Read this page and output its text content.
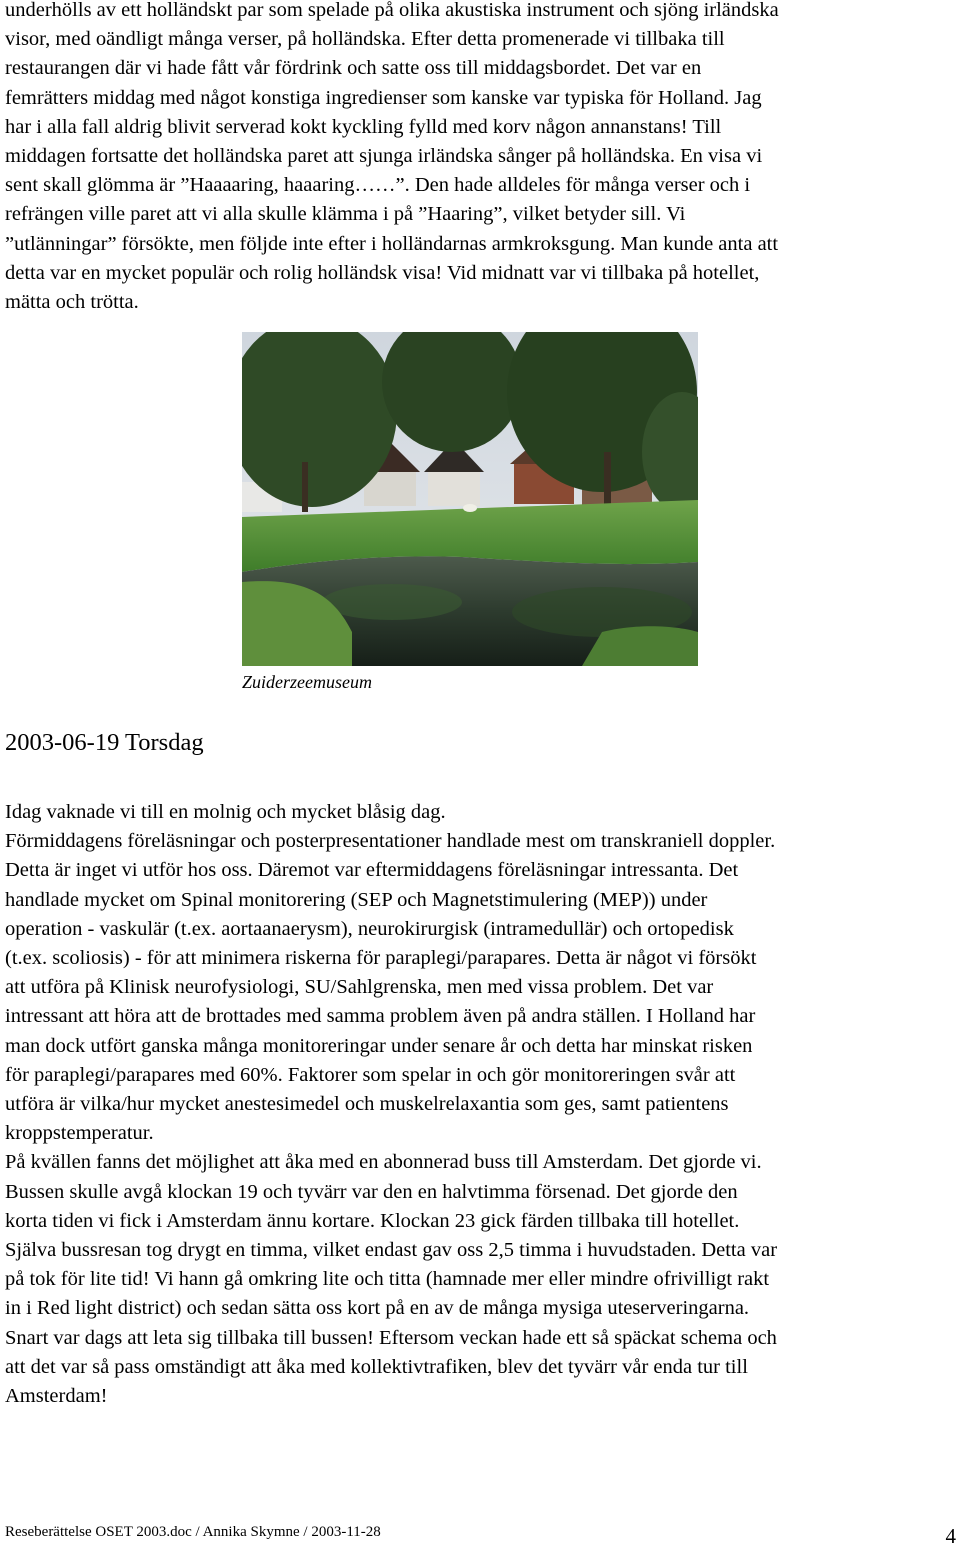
underhölls av ett holländskt par som spelade på olika akustiska instrument och sjöng irländska
visor, med oändligt många verser, på holländska. Efter detta promenerade vi tillbaka till
restaurangen där vi hade fått vår fördrink och satte oss till middagsbordet. Det var en
femrätters middag med något konstiga ingredienser som kanske var typiska för Holland. Jag
har i alla fall aldrig blivit serverad kokt kyckling fylld med korv någon annanstans! Till
middagen fortsatte det holländska paret att sjunga irländska sånger på holländska. En visa vi
sent skall glömma är ”Haaaaring, haaaring……”. Den hade alldeles för många verser och i
refrängen ville paret att vi alla skulle klämma i på ”Haaring”, vilket betyder sill. Vi
”utlänningar” försökte, men följde inte efter i holländarnas armkroksgung. Man kunde anta att
detta var en mycket populär och rolig holländsk visa! Vid midnatt var vi tillbaka på hotellet,
mätta och trötta.

Zuiderzeemuseum
2003-06-19 Torsdag

Idag vaknade vi till en molnig och mycket blåsig dag.
Förmiddagens föreläsningar och posterpresentationer handlade mest om transkraniell doppler.
Detta är inget vi utför hos oss. Däremot var eftermiddagens föreläsningar intressanta. Det
handlade mycket om Spinal monitorering (SEP och Magnetstimulering (MEP)) under
operation - vaskulär (t.ex. aortaanaerysm), neurokirurgisk (intramedullär) och ortopedisk
(t.ex. scoliosis) - för att minimera riskerna för paraplegi/parapares. Detta är något vi försökt
att utföra på Klinisk neurofysiologi, SU/Sahlgrenska, men med vissa problem. Det var
intressant att höra att de brottades med samma problem även på andra ställen. I Holland har
man dock utfört ganska många monitoreringar under senare år och detta har minskat risken
för paraplegi/parapares med 60%. Faktorer som spelar in och gör monitoreringen svår att
utföra är vilka/hur mycket anestesimedel och muskelrelaxantia som ges, samt patientens
kroppstemperatur.
På kvällen fanns det möjlighet att åka med en abonnerad buss till Amsterdam. Det gjorde vi.
Bussen skulle avgå klockan 19 och tyvärr var den en halvtimma försenad. Det gjorde den
korta tiden vi fick i Amsterdam ännu kortare. Klockan 23 gick färden tillbaka till hotellet.
Själva bussresan tog drygt en timma, vilket endast gav oss 2,5 timma i huvudstaden. Detta var
på tok för lite tid! Vi hann gå omkring lite och titta (hamnade mer eller mindre ofrivilligt rakt
in i Red light district) och sedan sätta oss kort på en av de många mysiga uteserveringarna.
Snart var dags att leta sig tillbaka till bussen! Eftersom veckan hade ett så späckat schema och
att det var så pass omständigt att åka med kollektivtrafiken, blev det tyvärr vår enda tur till
Amsterdam!

Reseberättelse OSET 2003.doc / Annika Skymne / 2003-11-28	4
